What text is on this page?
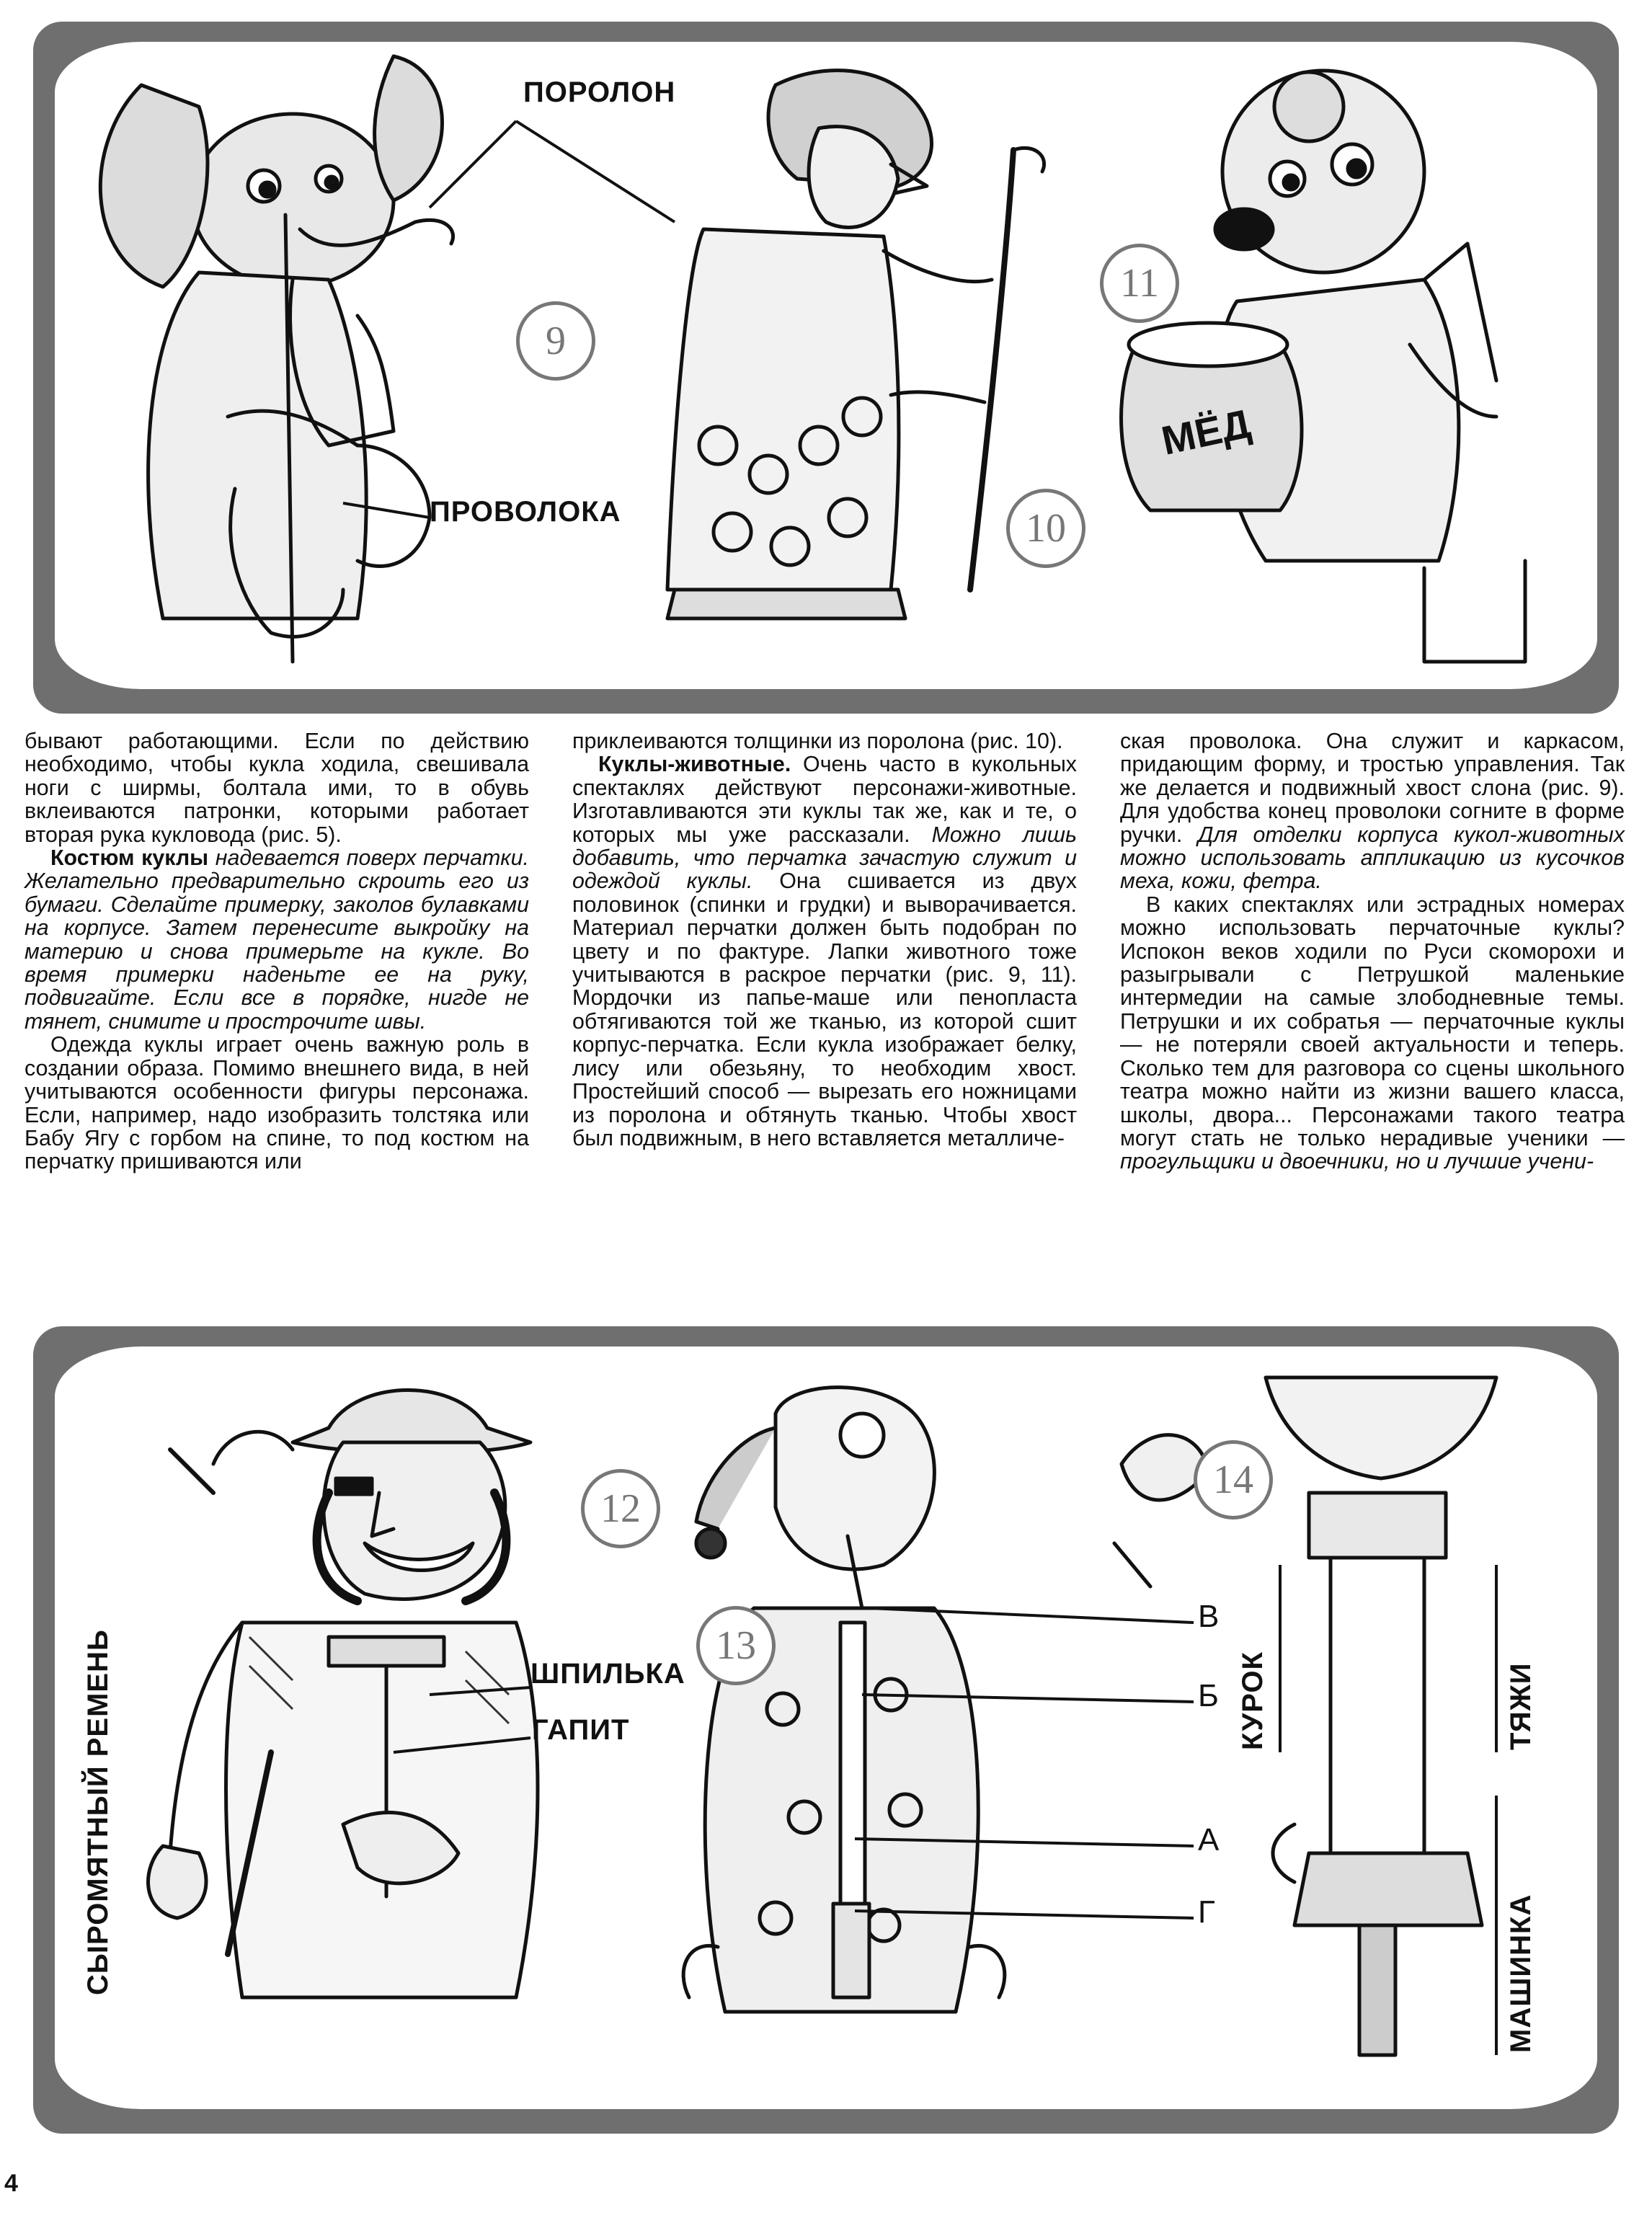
МЁД
ПОРОЛОН
ПРОВОЛОКА
9
10
11

бывают работающими. Если по действию необходимо, чтобы кукла ходила, свешивала ноги с ширмы, болтала ими, то в обувь вклеиваются патронки, которыми работает вторая рука кукловода (рис. 5).

Костюм куклы надевается поверх перчатки. Желательно предварительно скроить его из бумаги. Сделайте примерку, заколов булавками на корпусе. Затем перенесите выкройку на материю и снова примерьте на кукле. Во время примерки наденьте ее на руку, подвигайте. Если все в порядке, нигде не тянет, снимите и прострочите швы.

Одежда куклы играет очень важную роль в создании образа. Помимо внешнего вида, в ней учитываются особенности фигуры персонажа. Если, например, надо изобразить толстяка или Бабу Ягу с горбом на спине, то под костюм на перчатку пришиваются или

приклеиваются толщинки из поролона (рис. 10).

Куклы-животные. Очень часто в кукольных спектаклях действуют персонажи-животные. Изготавливаются эти куклы так же, как и те, о которых мы уже рассказали. Можно лишь добавить, что перчатка зачастую служит и одеждой куклы. Она сшивается из двух половинок (спинки и грудки) и выворачивается. Материал перчатки должен быть подобран по цвету и по фактуре. Лапки животного тоже учитываются в раскрое перчатки (рис. 9, 11). Мордочки из папье-маше или пенопласта обтягиваются той же тканью, из которой сшит корпус-перчатка. Если кукла изображает белку, лису или обезьяну, то необходим хвост. Простейший способ — вырезать его ножницами из поролона и обтянуть тканью. Чтобы хвост был подвижным, в него вставляется металличе-

ская проволока. Она служит и каркасом, придающим форму, и тростью управления. Так же делается и подвижный хвост слона (рис. 9). Для удобства конец проволоки согните в форме ручки. Для отделки корпуса кукол-животных можно использовать аппликацию из кусочков меха, кожи, фетра.

В каких спектаклях или эстрадных номерах можно использовать перчаточные куклы? Испокон веков ходили по Руси скоморохи и разыгрывали с Петрушкой маленькие интермедии на самые злободневные темы. Петрушки и их собратья — перчаточные куклы — не потеряли своей актуальности и теперь. Сколько тем для разговора со сцены школьного театра можно найти из жизни вашего класса, школы, двора... Персонажами такого театра могут стать не только нерадивые ученики — прогульщики и двоечники, но и лучшие учени-

СЫРОМЯТНЫЙ РЕМЕНЬ	ШПИЛЬКА
ГАПИТ
12
13
14
В
Б
А
Г
КУРОК	ТЯЖИ
МАШИНКА
4
